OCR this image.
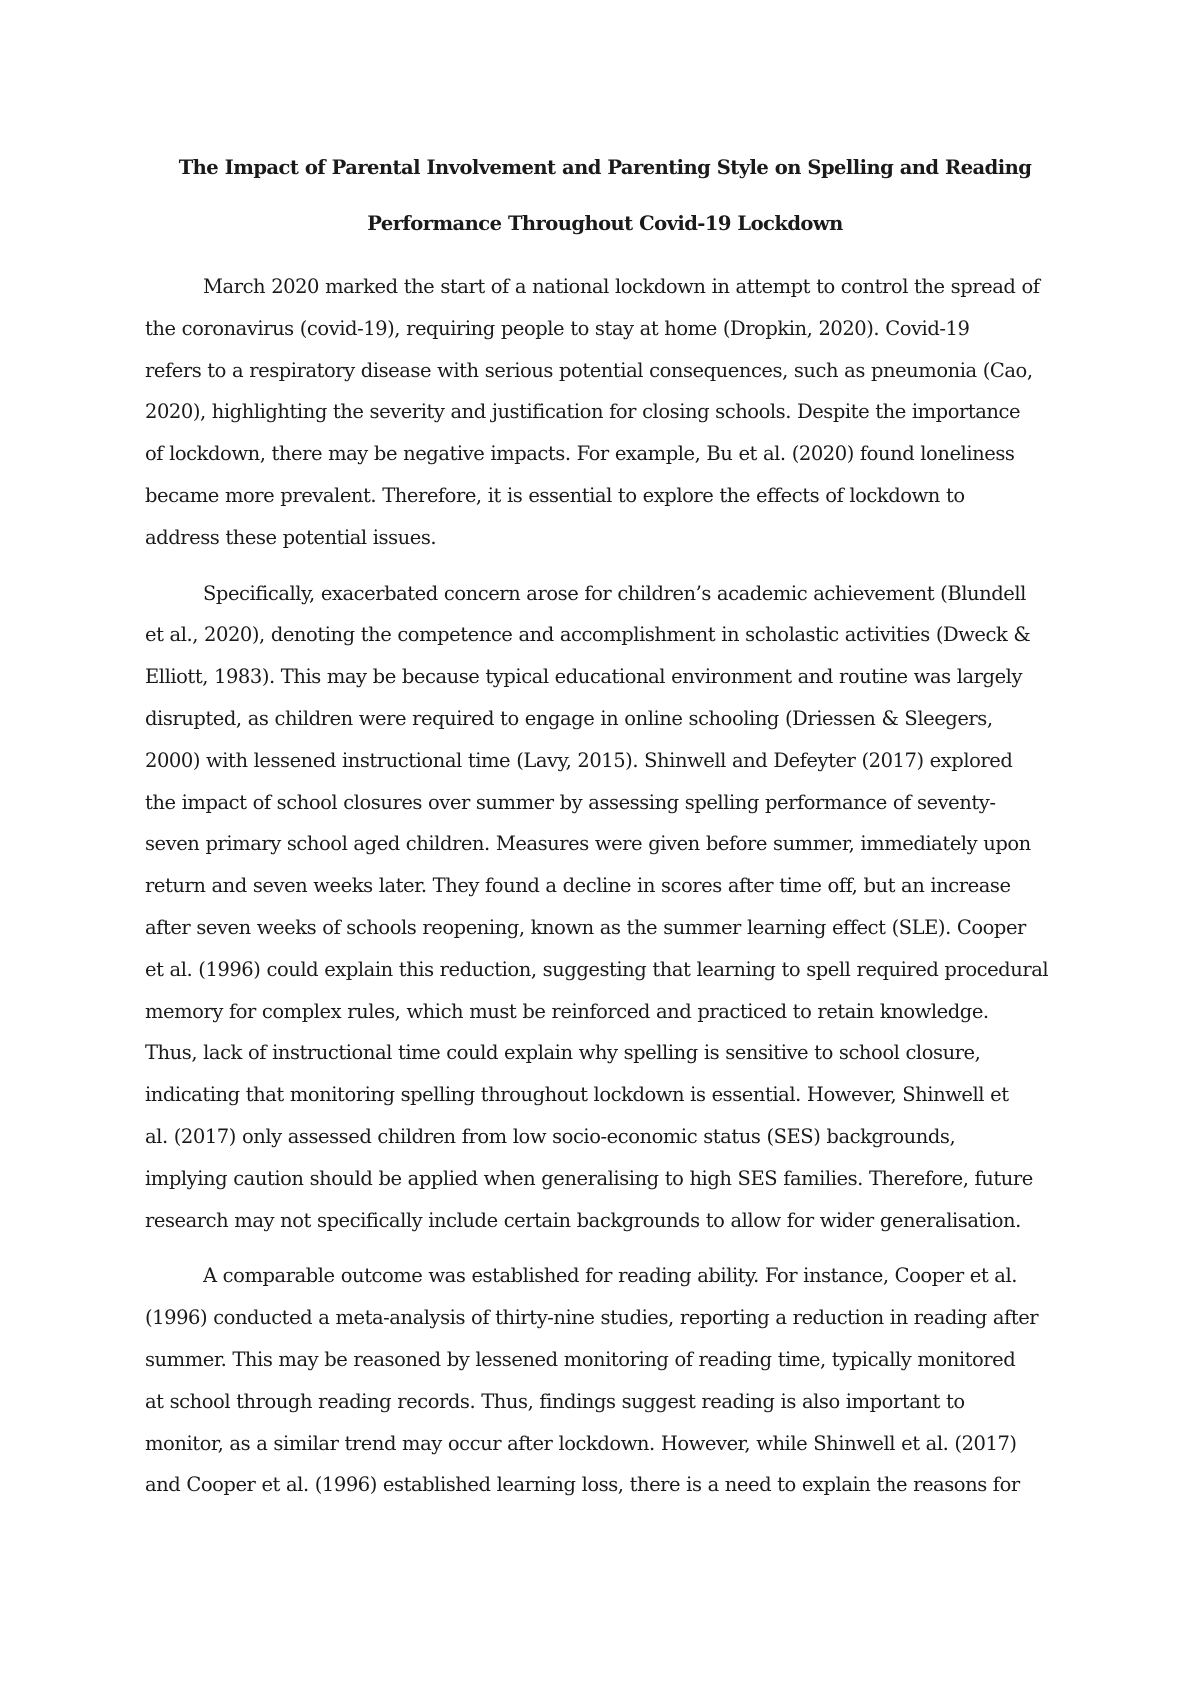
The Impact of Parental Involvement and Parenting Style on Spelling and Reading
Performance Throughout Covid-19 Lockdown

March 2020 marked the start of a national lockdown in attempt to control the spread of
the coronavirus (covid-19), requiring people to stay at home (Dropkin, 2020). Covid-19
refers to a respiratory disease with serious potential consequences, such as pneumonia (Cao,
2020), highlighting the severity and justification for closing schools. Despite the importance
of lockdown, there may be negative impacts. For example, Bu et al. (2020) found loneliness
became more prevalent. Therefore, it is essential to explore the effects of lockdown to
address these potential issues.

Specifically, exacerbated concern arose for children’s academic achievement (Blundell
et al., 2020), denoting the competence and accomplishment in scholastic activities (Dweck &
Elliott, 1983). This may be because typical educational environment and routine was largely
disrupted, as children were required to engage in online schooling (Driessen & Sleegers,
2000) with lessened instructional time (Lavy, 2015). Shinwell and Defeyter (2017) explored
the impact of school closures over summer by assessing spelling performance of seventy-
seven primary school aged children. Measures were given before summer, immediately upon
return and seven weeks later. They found a decline in scores after time off, but an increase
after seven weeks of schools reopening, known as the summer learning effect (SLE). Cooper
et al. (1996) could explain this reduction, suggesting that learning to spell required procedural
memory for complex rules, which must be reinforced and practiced to retain knowledge.
Thus, lack of instructional time could explain why spelling is sensitive to school closure,
indicating that monitoring spelling throughout lockdown is essential. However, Shinwell et
al. (2017) only assessed children from low socio-economic status (SES) backgrounds,
implying caution should be applied when generalising to high SES families. Therefore, future
research may not specifically include certain backgrounds to allow for wider generalisation.

A comparable outcome was established for reading ability. For instance, Cooper et al.
(1996) conducted a meta-analysis of thirty-nine studies, reporting a reduction in reading after
summer. This may be reasoned by lessened monitoring of reading time, typically monitored
at school through reading records. Thus, findings suggest reading is also important to
monitor, as a similar trend may occur after lockdown. However, while Shinwell et al. (2017)
and Cooper et al. (1996) established learning loss, there is a need to explain the reasons for
